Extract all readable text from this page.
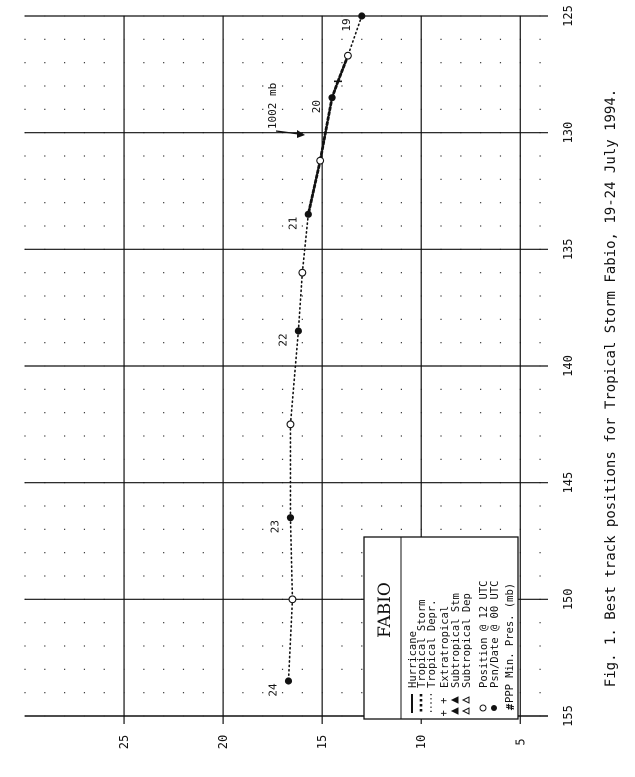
125
130
135
140
145
150
155
5
10
15
20
25
19
20
21
22
23
24
1002 mb
FABIO
Hurricane
Tropical Storm
Tropical Depr.
+ +
Extratropical Subtropical Stm Subtropical Dep Position @ 12 UTC Psn/Date @ 00 UTC
#
PPP Min. Pres. (mb)	Fig. 1. Best track positions for Tropical Storm Fabio, 19-24 July 1994.
